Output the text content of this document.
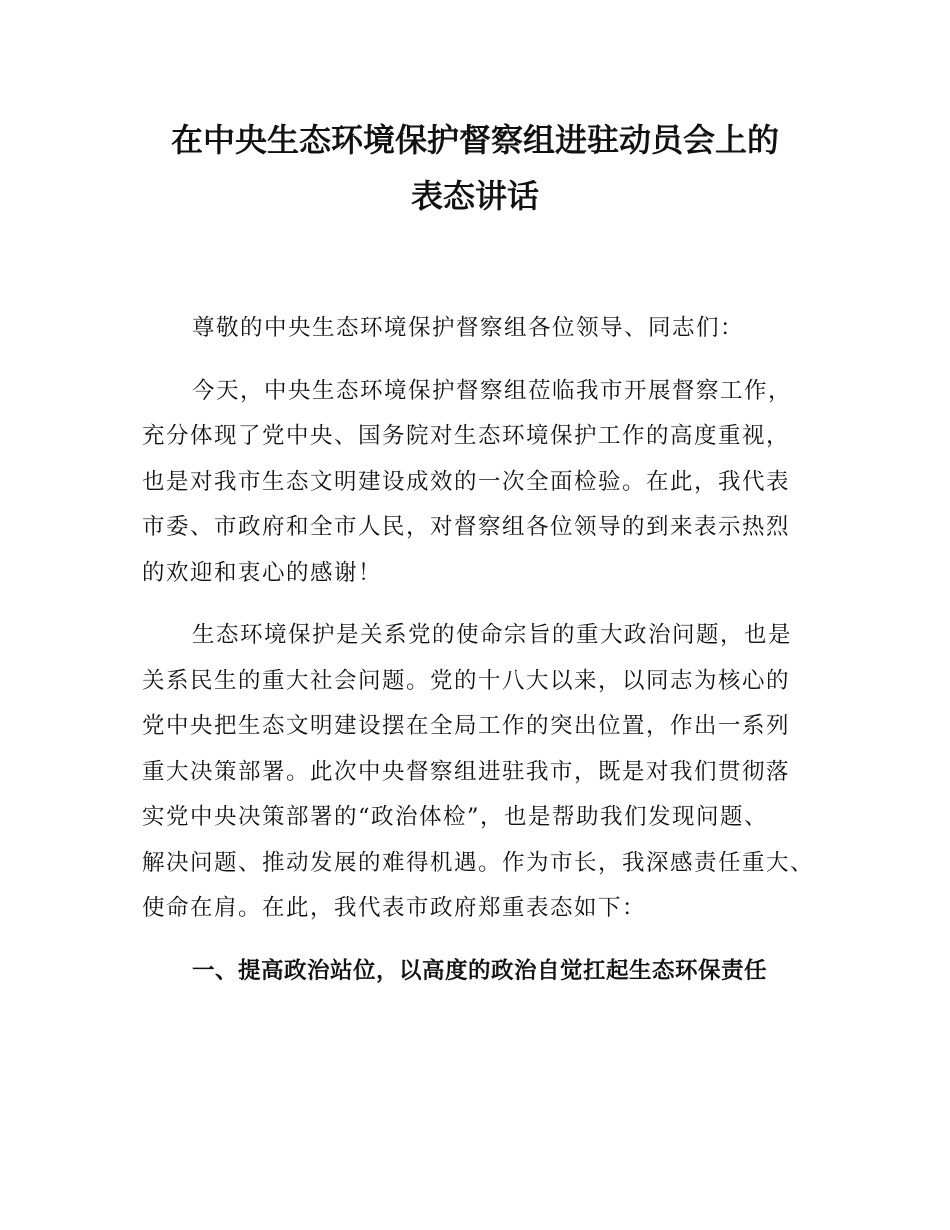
在中央生态环境保护督察组进驻动员会上的
表态讲话

尊敬的中央生态环境保护督察组各位领导、同志们：

今天，中央生态环境保护督察组莅临我市开展督察工作，
充分体现了党中央、国务院对生态环境保护工作的高度重视，
也是对我市生态文明建设成效的一次全面检验。在此，我代表
市委、市政府和全市人民，对督察组各位领导的到来表示热烈
的欢迎和衷心的感谢！

生态环境保护是关系党的使命宗旨的重大政治问题，也是
关系民生的重大社会问题。党的十八大以来，以同志为核心的
党中央把生态文明建设摆在全局工作的突出位置，作出一系列
重大决策部署。此次中央督察组进驻我市，既是对我们贯彻落
实党中央决策部署的“政治体检”，也是帮助我们发现问题、
解决问题、推动发展的难得机遇。作为市长，我深感责任重大、
使命在肩。在此，我代表市政府郑重表态如下：

一、提高政治站位，以高度的政治自觉扛起生态环保责任
